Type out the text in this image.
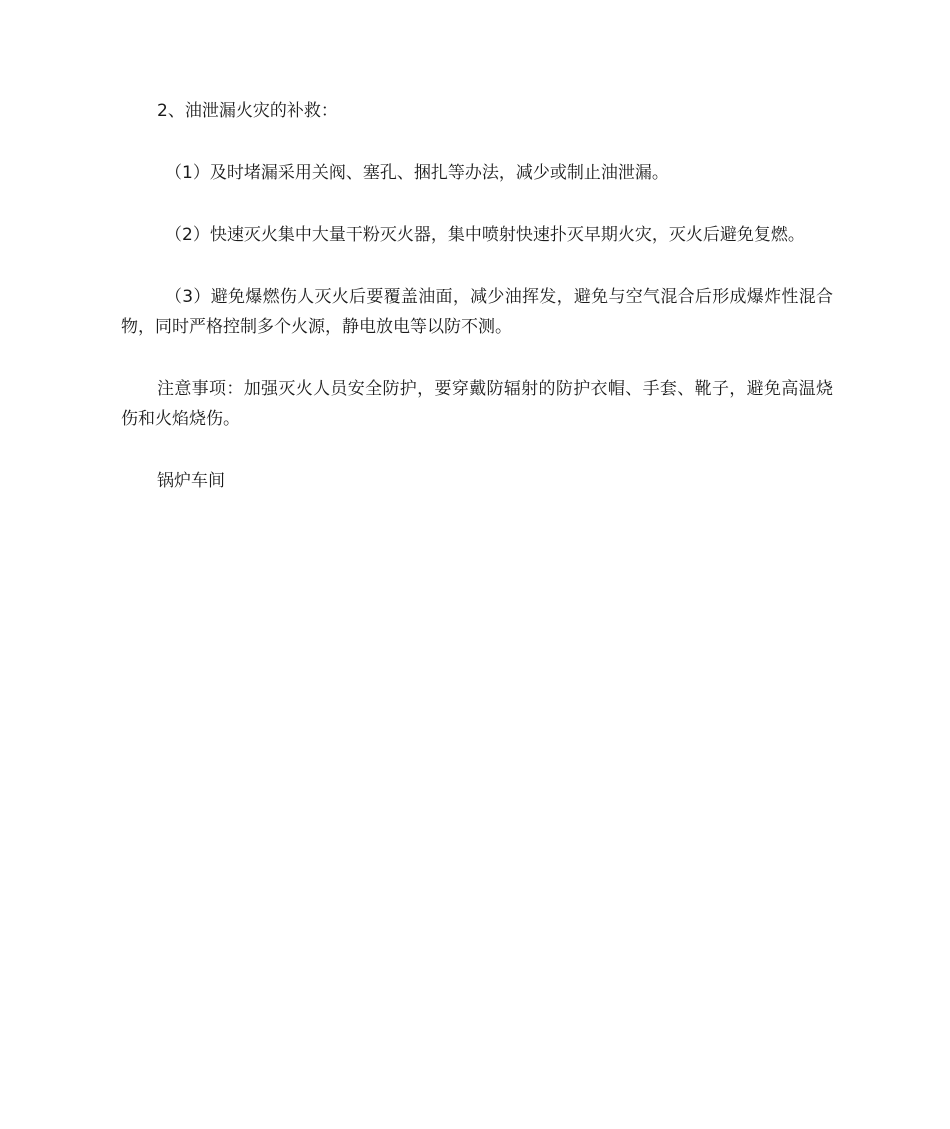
2、油泄漏火灾的补救：

（1）及时堵漏采用关阀、塞孔、捆扎等办法，减少或制止油泄漏。

（2）快速灭火集中大量干粉灭火器，集中喷射快速扑灭早期火灾，灭火后避免复燃。

（3）避免爆燃伤人灭火后要覆盖油面，减少油挥发，避免与空气混合后形成爆炸性混合物，同时严格控制多个火源，静电放电等以防不测。

注意事项：加强灭火人员安全防护，要穿戴防辐射的防护衣帽、手套、靴子，避免高温烧伤和火焰烧伤。

锅炉车间
